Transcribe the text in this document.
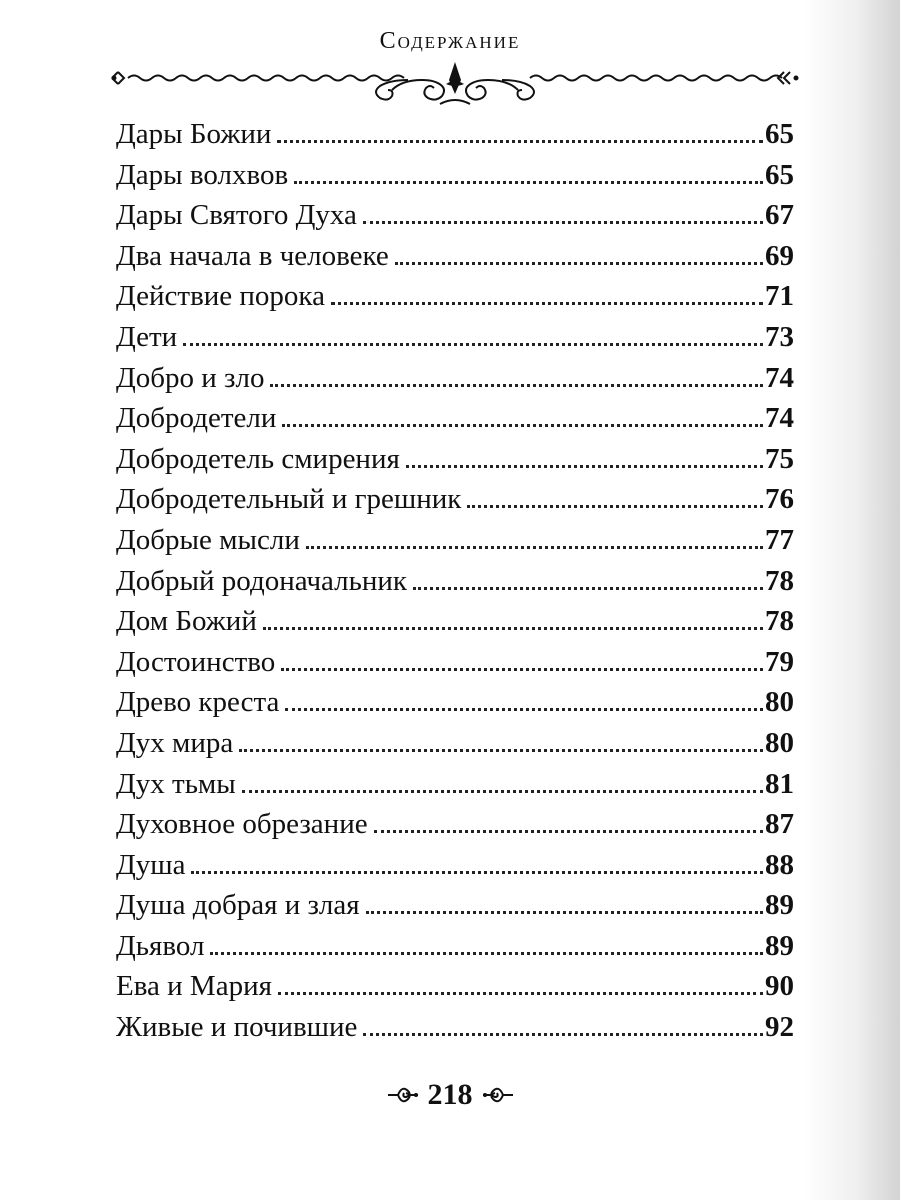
Содержание
Дары Божии	65
Дары волхвов	65
Дары Святого Духа	67
Два начала в человеке	69
Действие порока	71
Дети	73
Добро и зло	74
Добродетели	74
Добродетель смирения	75
Добродетельный и грешник	76
Добрые мысли	77
Добрый родоначальник	78
Дом Божий	78
Достоинство	79
Древо креста	80
Дух мира	80
Дух тьмы	81
Духовное обрезание	87
Душа	88
Душа добрая и злая	89
Дьявол	89
Ева и Мария	90
Живые и почившие	92
218
